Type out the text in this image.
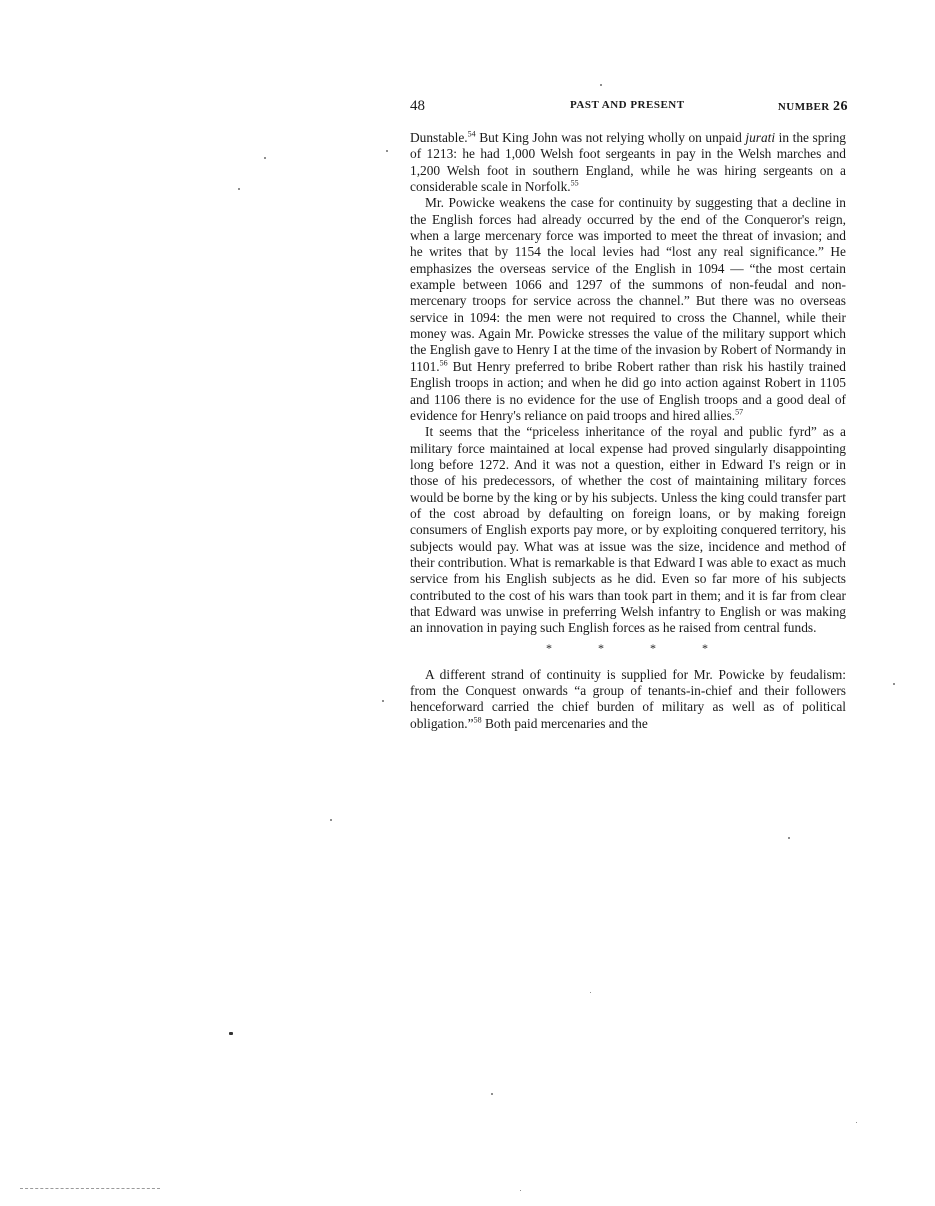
48	PAST AND PRESENT	NUMBER 26

Dunstable.$^{54}$ But King John was not relying wholly on unpaid jurati in the spring of 1213: he had 1,000 Welsh foot sergeants in pay in the Welsh marches and 1,200 Welsh foot in southern England, while he was hiring sergeants on a considerable scale in Norfolk.$^{55}$

Mr. Powicke weakens the case for continuity by suggesting that a decline in the English forces had already occurred by the end of the Conqueror's reign, when a large mercenary force was imported to meet the threat of invasion; and he writes that by 1154 the local levies had “lost any real significance.” He emphasizes the overseas service of the English in 1094 — “the most certain example between 1066 and 1297 of the summons of non-feudal and non-mercenary troops for service across the channel.” But there was no overseas service in 1094: the men were not required to cross the Channel, while their money was. Again Mr. Powicke stresses the value of the military support which the English gave to Henry I at the time of the invasion by Robert of Normandy in 1101.56 But Henry preferred to bribe Robert rather than risk his hastily trained English troops in action; and when he did go into action against Robert in 1105 and 1106 there is no evidence for the use of English troops and a good deal of evidence for Henry's reliance on paid troops and hired allies.$^{57}$

It seems that the “priceless inheritance of the royal and public fyrd” as a military force maintained at local expense had proved singularly disappointing long before 1272. And it was not a question, either in Edward I's reign or in those of his predecessors, of whether the cost of maintaining military forces would be borne by the king or by his subjects. Unless the king could transfer part of the cost abroad by defaulting on foreign loans, or by making foreign consumers of English exports pay more, or by exploiting conquered territory, his subjects would pay. What was at issue was the size, incidence and method of their contribution. What is remarkable is that Edward I was able to exact as much service from his English subjects as he did. Even so far more of his subjects contributed to the cost of his wars than took part in them; and it is far from clear that Edward was unwise in preferring Welsh infantry to English or was making an innovation in paying such English forces as he raised from central funds.

*	*	*	*

A different strand of continuity is supplied for Mr. Powicke by feudalism: from the Conquest onwards “a group of tenants-in-chief and their followers henceforward carried the chief burden of military as well as of political obligation.”$^{58}$ Both paid mercenaries and the
